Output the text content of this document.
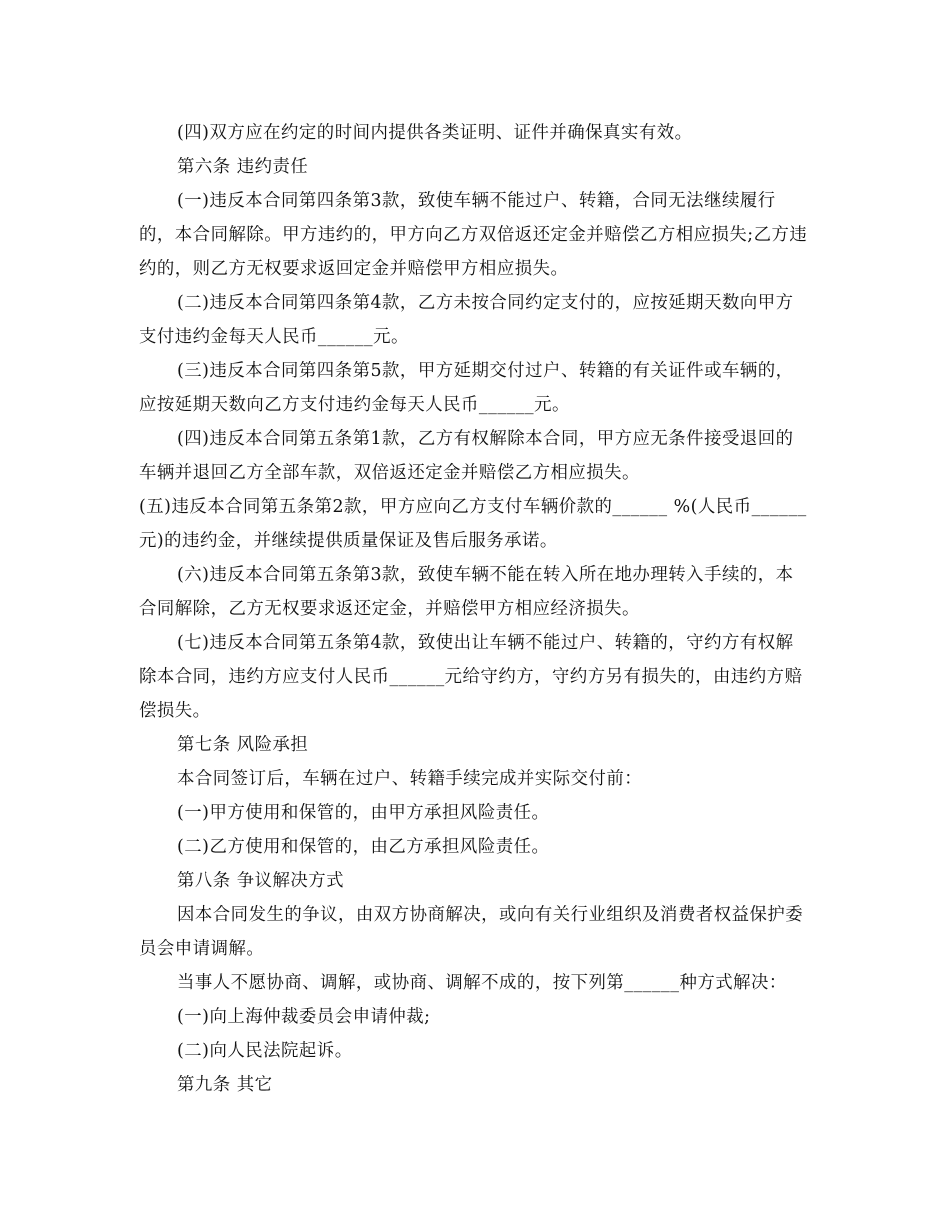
(四)双方应在约定的时间内提供各类证明、证件并确保真实有效。

第六条 违约责任

(一)违反本合同第四条第3款，致使车辆不能过户、转籍，合同无法继续履行的，本合同解除。甲方违约的，甲方向乙方双倍返还定金并赔偿乙方相应损失;乙方违约的，则乙方无权要求返回定金并赔偿甲方相应损失。

(二)违反本合同第四条第4款，乙方未按合同约定支付的，应按延期天数向甲方支付违约金每天人民币______元。

(三)违反本合同第四条第5款，甲方延期交付过户、转籍的有关证件或车辆的，应按延期天数向乙方支付违约金每天人民币______元。

(四)违反本合同第五条第1款，乙方有权解除本合同，甲方应无条件接受退回的车辆并退回乙方全部车款，双倍返还定金并赔偿乙方相应损失。

(五)违反本合同第五条第2款，甲方应向乙方支付车辆价款的______ %(人民币______元)的违约金，并继续提供质量保证及售后服务承诺。

(六)违反本合同第五条第3款，致使车辆不能在转入所在地办理转入手续的，本合同解除，乙方无权要求返还定金，并赔偿甲方相应经济损失。

(七)违反本合同第五条第4款，致使出让车辆不能过户、转籍的，守约方有权解除本合同，违约方应支付人民币______元给守约方，守约方另有损失的，由违约方赔偿损失。

第七条 风险承担

本合同签订后，车辆在过户、转籍手续完成并实际交付前：

(一)甲方使用和保管的，由甲方承担风险责任。

(二)乙方使用和保管的，由乙方承担风险责任。

第八条 争议解决方式

因本合同发生的争议，由双方协商解决，或向有关行业组织及消费者权益保护委员会申请调解。

当事人不愿协商、调解，或协商、调解不成的，按下列第______种方式解决：

(一)向上海仲裁委员会申请仲裁;

(二)向人民法院起诉。

第九条 其它
